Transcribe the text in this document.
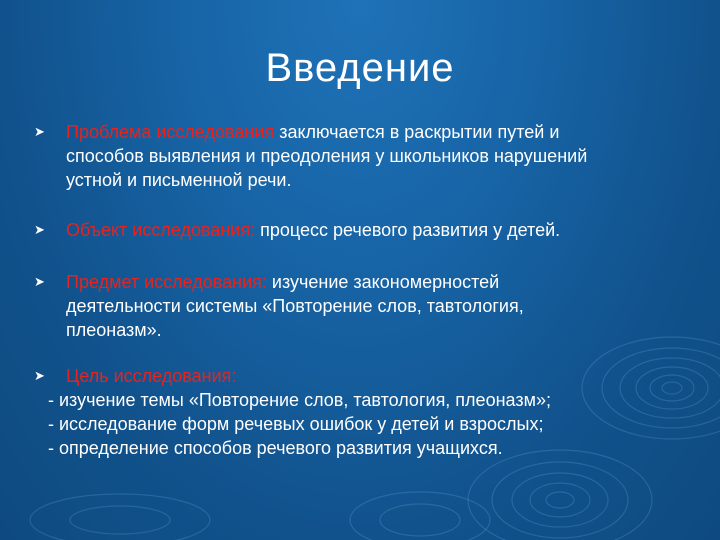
Введение
➤ Проблема исследования заключается в раскрытии путей и
способов выявления и преодоления у школьников нарушений
устной и письменной речи.
➤ Объект исследования: процесс речевого развития у детей.
➤ Предмет исследования: изучение закономерностей
деятельности системы «Повторение слов, тавтология,
плеоназм».
➤ Цель исследования:
- изучение темы «Повторение слов, тавтология, плеоназм»;
- исследование форм речевых ошибок у детей и взрослых;
- определение способов речевого развития учащихся.
